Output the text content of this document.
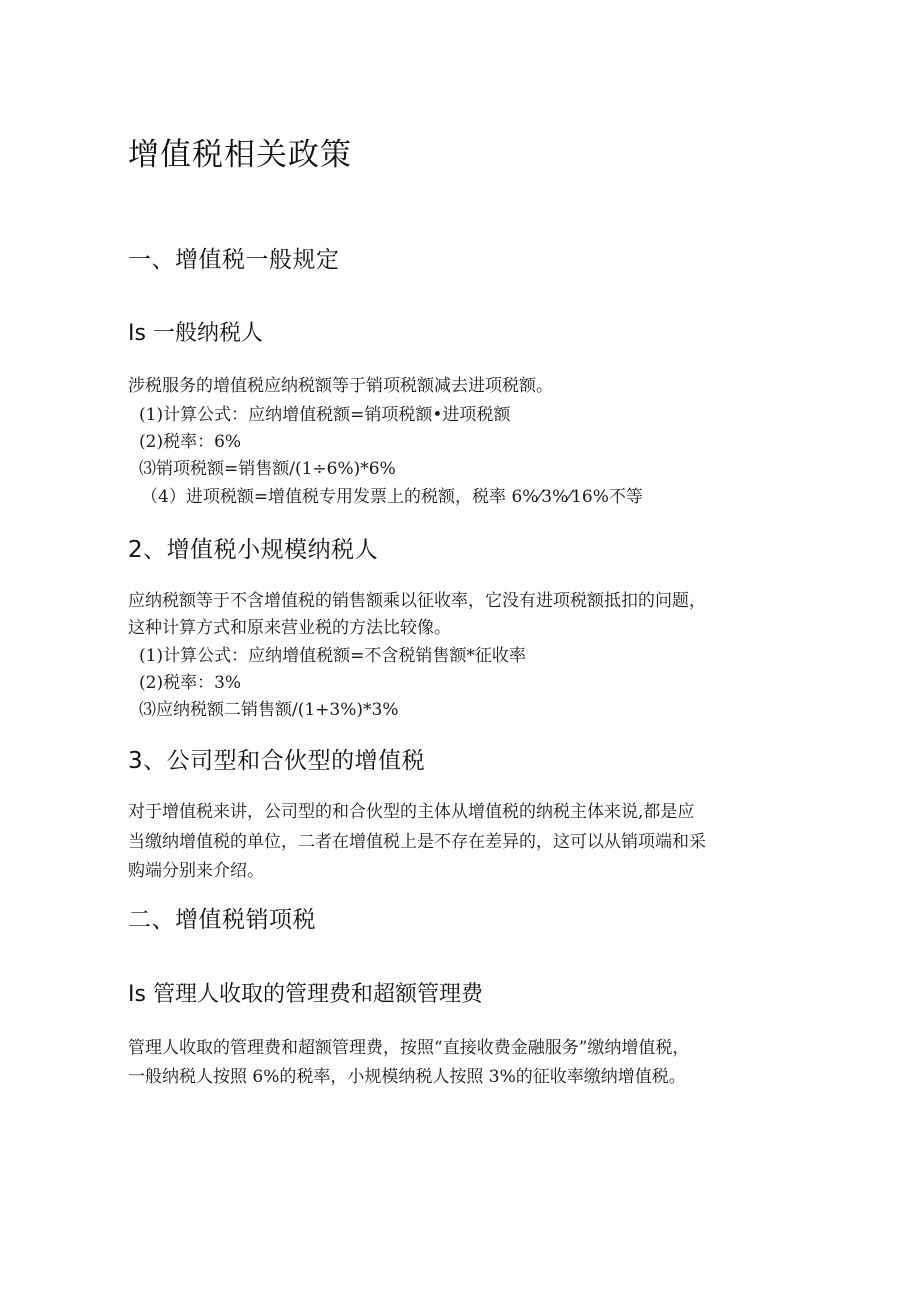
增值税相关政策
一、增值税一般规定
Is 一般纳税人
涉税服务的增值税应纳税额等于销项税额减去进项税额。
(1)计算公式：应纳增值税额=销项税额•进项税额
(2)税率：6%
⑶销项税额=销售额/(1÷6%)*6%
（4）进项税额=增值税专用发票上的税额，税率 6%⁄3%⁄16%不等
2、增值税小规模纳税人
应纳税额等于不含增值税的销售额乘以征收率，它没有进项税额抵扣的问题，
这种计算方式和原来营业税的方法比较像。
(1)计算公式：应纳增值税额=不含税销售额*征收率
(2)税率：3%
⑶应纳税额二销售额/(1+3%)*3%
3、公司型和合伙型的增值税
对于增值税来讲，公司型的和合伙型的主体从增值税的纳税主体来说,都是应
当缴纳增值税的单位，二者在增值税上是不存在差异的，这可以从销项端和采
购端分别来介绍。
二、增值税销项税
Is 管理人收取的管理费和超额管理费
管理人收取的管理费和超额管理费，按照“直接收费金融服务”缴纳增值税，
一般纳税人按照 6%的税率，小规模纳税人按照 3%的征收率缴纳增值税。
